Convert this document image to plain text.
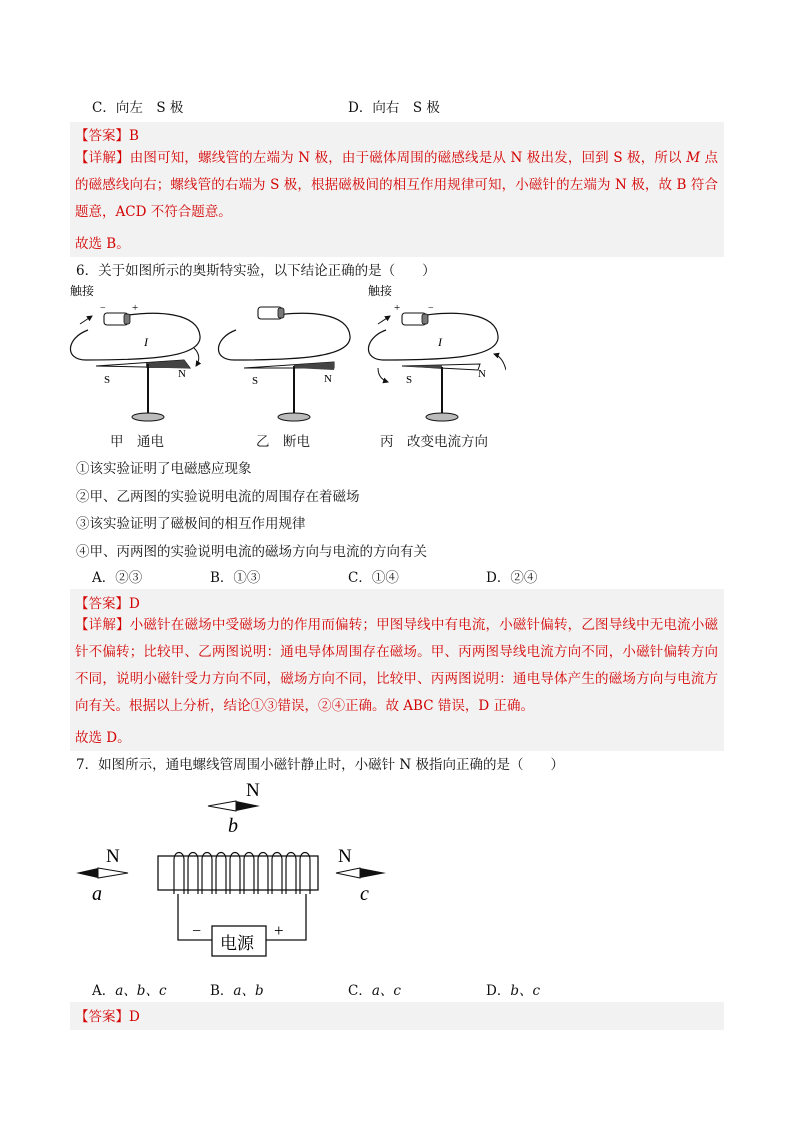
C．向左　S 极	D．向右　S 极
【答案】B
【详解】由图可知，螺线管的左端为 N 极，由于磁体周围的磁感线是从 N 极出发，回到 S 极，所以 M 点的磁感线向右；螺线管的右端为 S 极，根据磁极间的相互作用规律可知，小磁针的左端为 N 极，故 B 符合题意，ACD 不符合题意。
故选 B。
6．关于如图所示的奥斯特实验，以下结论正确的是（　　）
触接
− +
I
S	N
S	N
触接
+	−
I
S	N
甲　通电	乙　断电	丙　改变电流方向
①该实验证明了电磁感应现象
②甲、乙两图的实验说明电流的周围存在着磁场
③该实验证明了磁极间的相互作用规律
④甲、丙两图的实验说明电流的磁场方向与电流的方向有关
A．②③	B．①③	C．①④	D．②④
【答案】D
【详解】小磁针在磁场中受磁场力的作用而偏转；甲图导线中有电流，小磁针偏转，乙图导线中无电流小磁针不偏转；比较甲、乙两图说明：通电导体周围存在磁场。甲、丙两图导线电流方向不同，小磁针偏转方向不同，说明小磁针受力方向不同，磁场方向不同，比较甲、丙两图说明：通电导体产生的磁场方向与电流方向有关。根据以上分析，结论①③错误，②④正确。故 ABC 错误，D 正确。
故选 D。
7．如图所示，通电螺线管周围小磁针静止时，小磁针 N 极指向正确的是（　　）
N
b
N
a
电源
−	+
N
c
A．a、b、c	B．a、b	C．a、c	D．b、c
【答案】D
